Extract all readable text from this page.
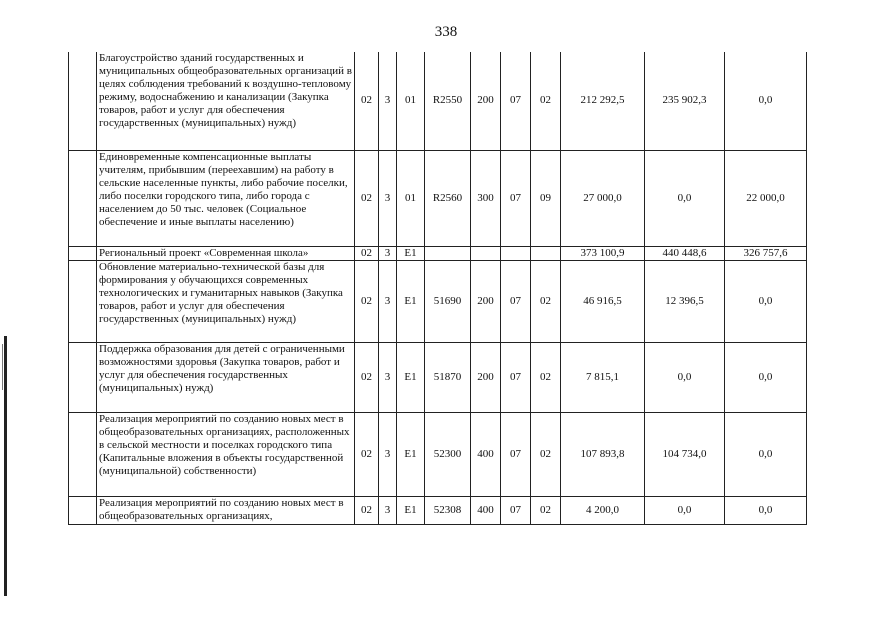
338
	Благоустройство зданий государственных и муниципальных общеобразовательных организаций в целях соблюдения требований к воздушно-тепловому режиму, водоснабжению и канализации (Закупка товаров, работ и услуг для обеспечения государственных (муниципальных) нужд)	02	3	01	R2550	200	07	02	212 292,5	235 902,3	0,0
	Единовременные компенсационные выплаты учителям, прибывшим (переехавшим) на работу в сельские населенные пункты, либо рабочие поселки, либо поселки городского типа, либо города с населением до 50 тыс. человек (Социальное обеспечение и иные выплаты населению)	02	3	01	R2560	300	07	09	27 000,0	0,0	22 000,0
	Региональный проект «Современная школа»	02	3	E1					373 100,9	440 448,6	326 757,6
	Обновление материально-технической базы для формирования у обучающихся современных технологических и гуманитарных навыков (Закупка товаров, работ и услуг для обеспечения государственных (муниципальных) нужд)	02	3	E1	51690	200	07	02	46 916,5	12 396,5	0,0
	Поддержка образования для детей с ограниченными возможностями здоровья (Закупка товаров, работ и услуг для обеспечения государственных (муниципальных) нужд)	02	3	E1	51870	200	07	02	7 815,1	0,0	0,0
	Реализация мероприятий по созданию новых мест в общеобразовательных организациях, расположенных в сельской местности и поселках городского типа (Капитальные вложения в объекты государственной (муниципальной) собственности)	02	3	E1	52300	400	07	02	107 893,8	104 734,0	0,0
	Реализация мероприятий по созданию новых мест в общеобразовательных организациях,	02	3	E1	52308	400	07	02	4 200,0	0,0	0,0
